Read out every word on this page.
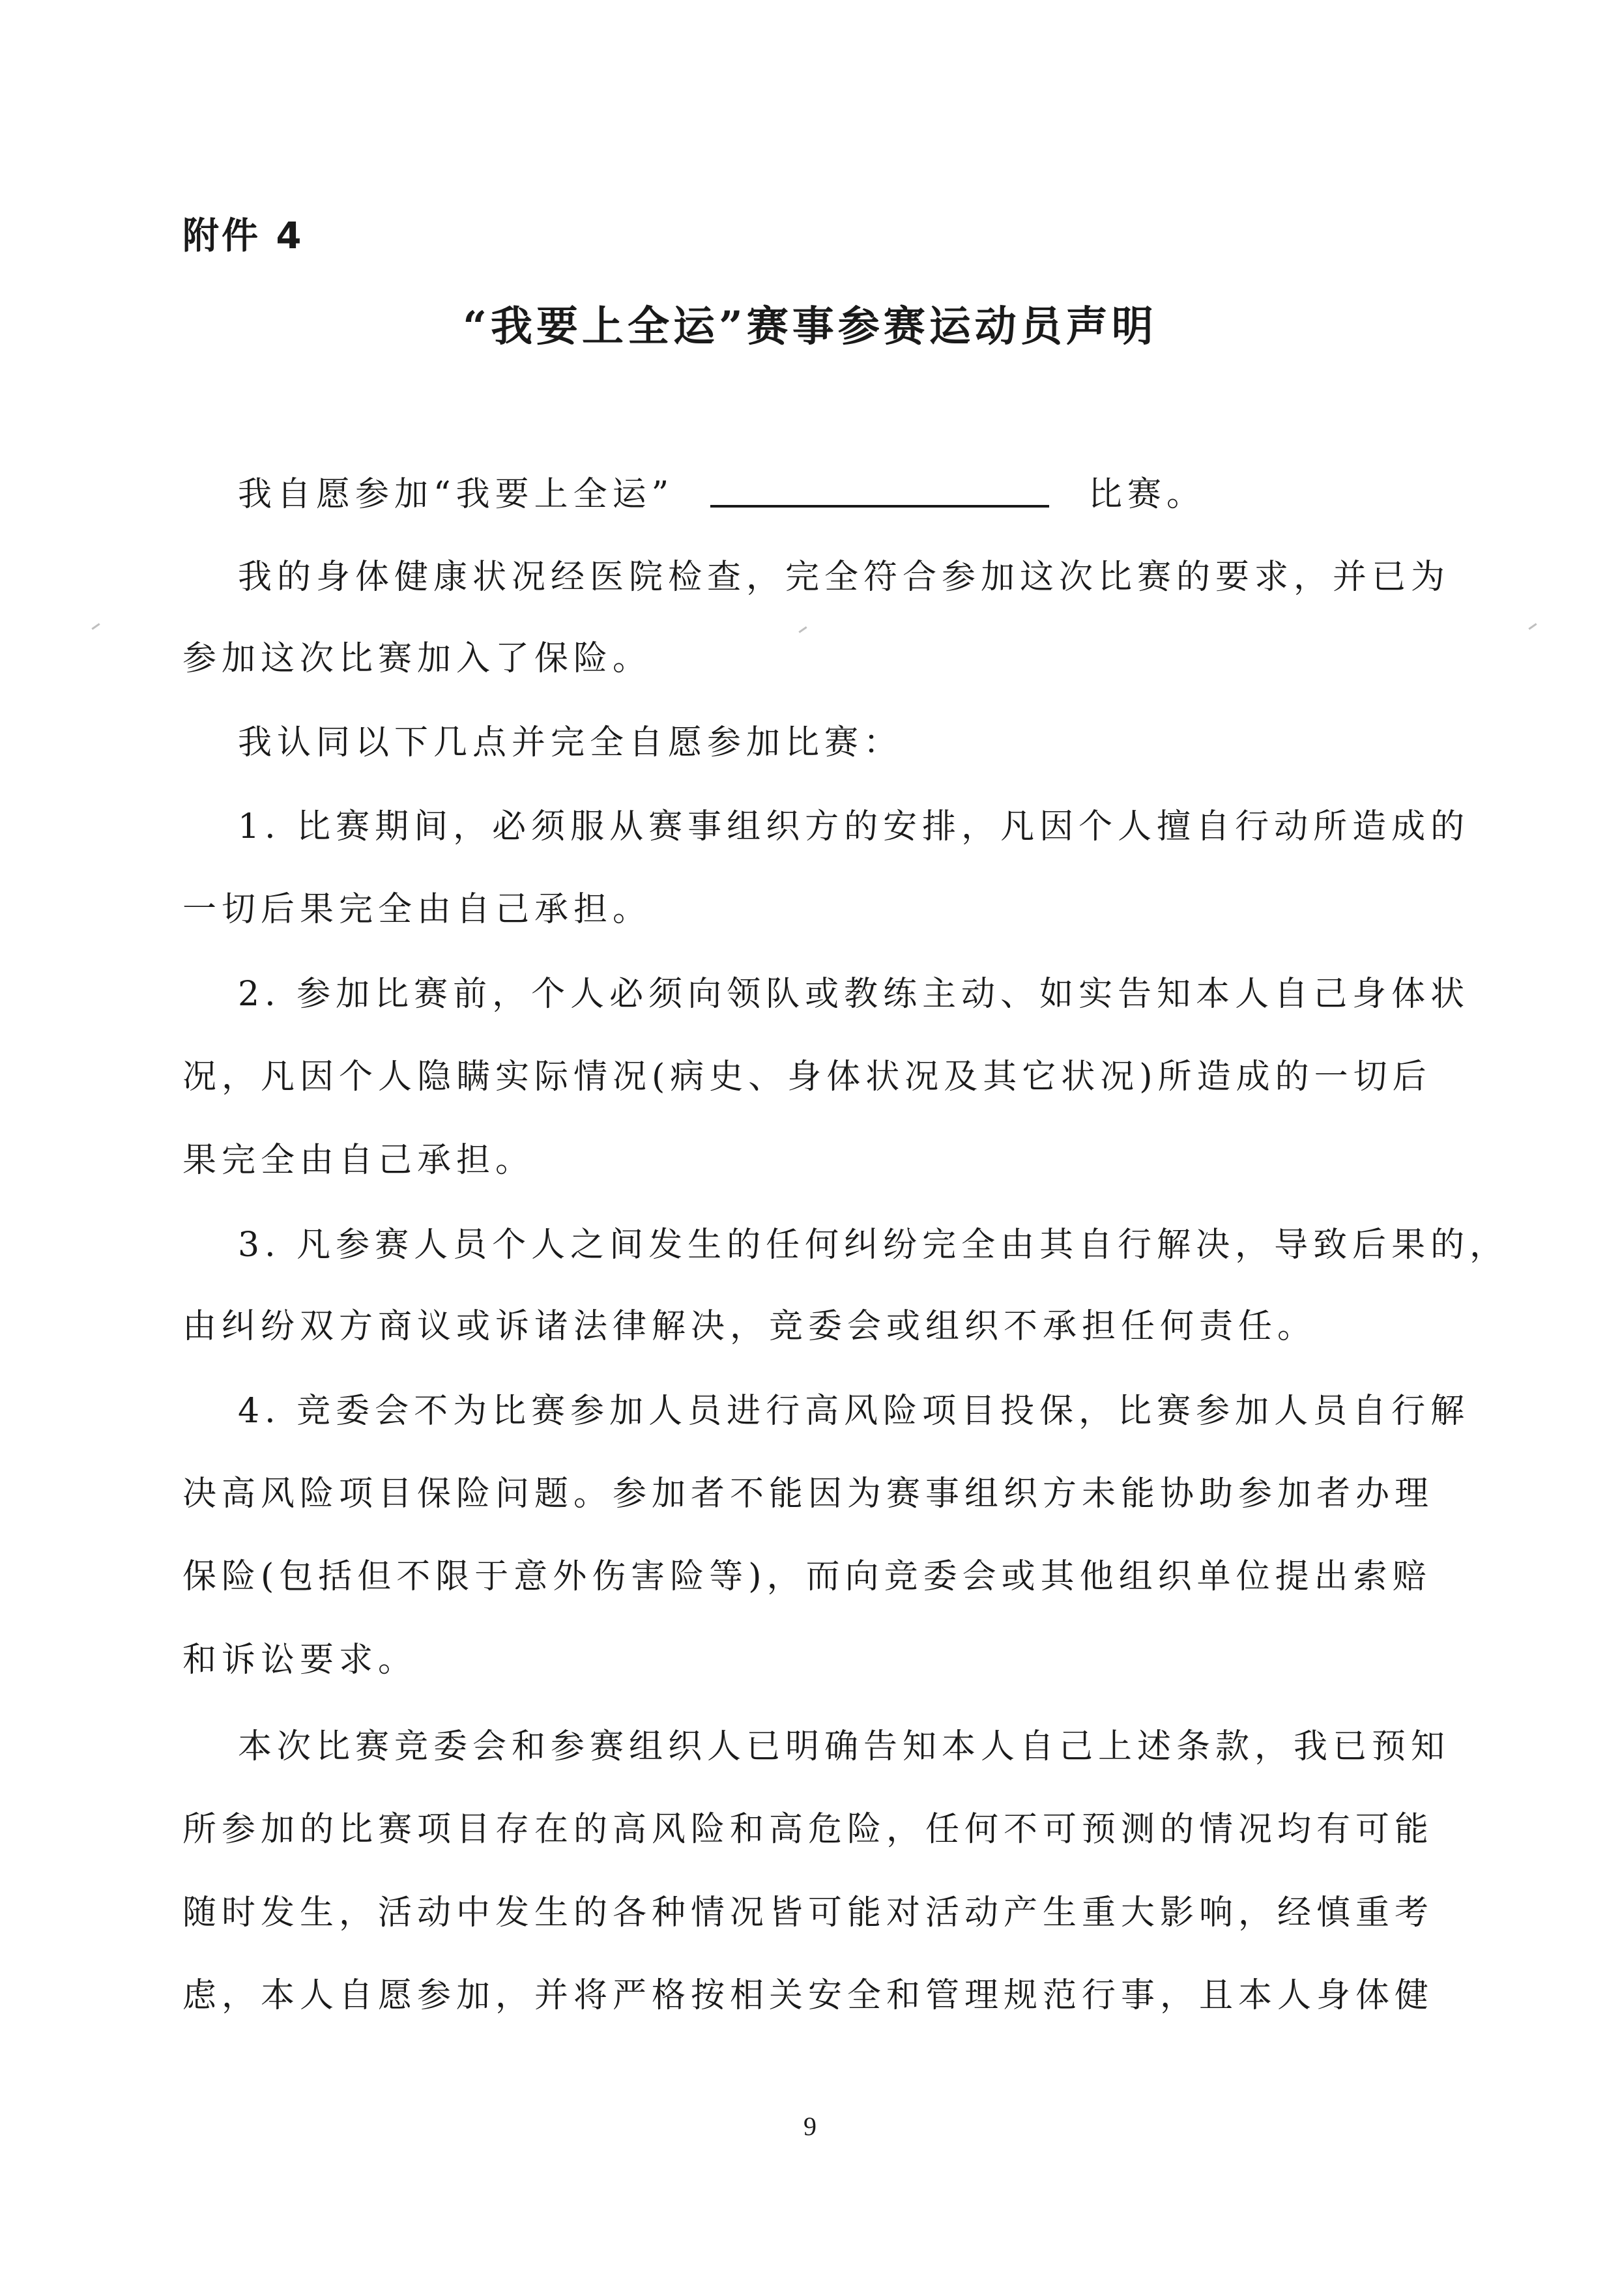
附件 4
“我要上全运”赛事参赛运动员声明
我自愿参加“我要上全运”	比赛。
我的身体健康状况经医院检查，完全符合参加这次比赛的要求，并已为
参加这次比赛加入了保险。
我认同以下几点并完全自愿参加比赛：
1. 比赛期间，必须服从赛事组织方的安排，凡因个人擅自行动所造成的
一切后果完全由自己承担。
2. 参加比赛前，个人必须向领队或教练主动、如实告知本人自己身体状
况，凡因个人隐瞒实际情况(病史、身体状况及其它状况)所造成的一切后
果完全由自己承担。
3. 凡参赛人员个人之间发生的任何纠纷完全由其自行解决，导致后果的，
由纠纷双方商议或诉诸法律解决，竞委会或组织不承担任何责任。
4. 竞委会不为比赛参加人员进行高风险项目投保，比赛参加人员自行解
决高风险项目保险问题。参加者不能因为赛事组织方未能协助参加者办理
保险(包括但不限于意外伤害险等)，而向竞委会或其他组织单位提出索赔
和诉讼要求。
本次比赛竞委会和参赛组织人已明确告知本人自己上述条款，我已预知
所参加的比赛项目存在的高风险和高危险，任何不可预测的情况均有可能
随时发生，活动中发生的各种情况皆可能对活动产生重大影响，经慎重考
虑，本人自愿参加，并将严格按相关安全和管理规范行事，且本人身体健
9
